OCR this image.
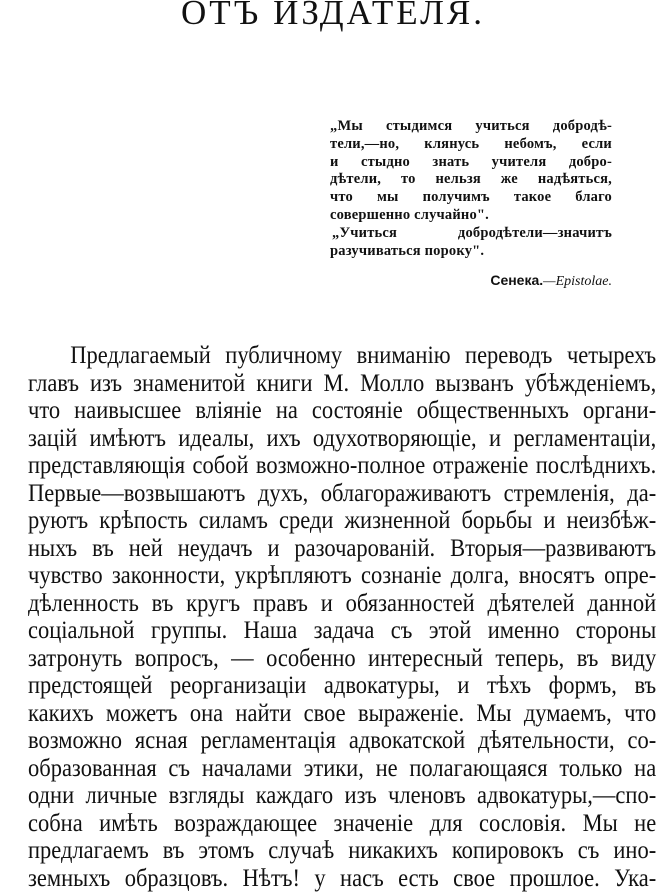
ОТЪ ИЗДАТЕЛЯ.
„Мы стыдимся учиться добродѣ-
тели,—но, клянусь небомъ, если
и стыдно знать учителя добро-
дѣтели, то нельзя же надѣяться,
что мы получимъ такое благо
совершенно случайно".
„Учиться добродѣтели—значитъ
разучиваться пороку".
Сенека.—Epistolae.
Предлагаемый публичному вниманію переводъ четырехъ
главъ изъ знаменитой книги М. Молло вызванъ убѣжденіемъ,
что наивысшее вліяніе на состояніе общественныхъ органи-
зацій имѣютъ идеалы, ихъ одухотворяющіе, и регламентаціи,
представляющія собой возможно-полное отраженіе послѣднихъ.
Первые—возвышаютъ духъ, облагораживаютъ стремленія, да-
руютъ крѣпость силамъ среди жизненной борьбы и неизбѣж-
ныхъ въ ней неудачъ и разочарованій. Вторыя—развиваютъ
чувство законности, укрѣпляютъ сознаніе долга, вносятъ опре-
дѣленность въ кругъ правъ и обязанностей дѣятелей данной
соціальной группы. Наша задача съ этой именно стороны
затронуть вопросъ, — особенно интересный теперь, въ виду
предстоящей реорганизаціи адвокатуры, и тѣхъ формъ, въ
какихъ можетъ она найти свое выраженіе. Мы думаемъ, что
возможно ясная регламентація адвокатской дѣятельности, со-
образованная съ началами этики, не полагающаяся только на
одни личные взгляды каждаго изъ членовъ адвокатуры,—спо-
собна имѣть возраждающее значеніе для сословія. Мы не
предлагаемъ въ этомъ случаѣ никакихъ копировокъ съ ино-
земныхъ образцовъ. Нѣтъ! у насъ есть свое прошлое. Ука-
